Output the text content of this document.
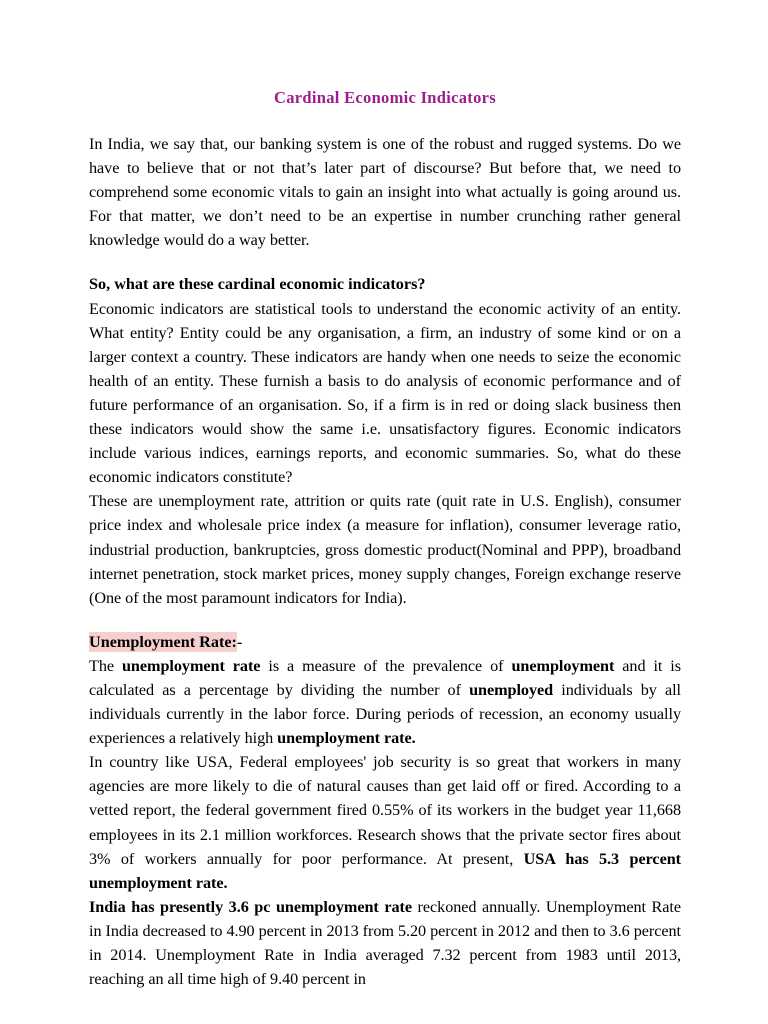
Cardinal Economic Indicators

In India, we say that, our banking system is one of the robust and rugged systems. Do we have to believe that or not that’s later part of discourse? But before that, we need to comprehend some economic vitals to gain an insight into what actually is going around us. For that matter, we don’t need to be an expertise in number crunching rather general knowledge would do a way better.

So, what are these cardinal economic indicators?

Economic indicators are statistical tools to understand the economic activity of an entity. What entity? Entity could be any organisation, a firm, an industry of some kind or on a larger context a country. These indicators are handy when one needs to seize the economic health of an entity. These furnish a basis to do analysis of economic performance and of future performance of an organisation. So, if a firm is in red or doing slack business then these indicators would show the same i.e. unsatisfactory figures. Economic indicators include various indices, earnings reports, and economic summaries. So, what do these economic indicators constitute?

These are unemployment rate, attrition or quits rate (quit rate in U.S. English), consumer price index and wholesale price index (a measure for inflation), consumer leverage ratio, industrial production, bankruptcies, gross domestic product(Nominal and PPP), broadband internet penetration, stock market prices, money supply changes, Foreign exchange reserve (One of the most paramount indicators for India).

Unemployment Rate:-

The unemployment rate is a measure of the prevalence of unemployment and it is calculated as a percentage by dividing the number of unemployed individuals by all individuals currently in the labor force. During periods of recession, an economy usually experiences a relatively high unemployment rate.

In country like USA, Federal employees' job security is so great that workers in many agencies are more likely to die of natural causes than get laid off or fired. According to a vetted report, the federal government fired 0.55% of its workers in the budget year 11,668 employees in its 2.1 million workforces. Research shows that the private sector fires about 3% of workers annually for poor performance. At present, USA has 5.3 percent unemployment rate.

India has presently 3.6 pc unemployment rate reckoned annually. Unemployment Rate in India decreased to 4.90 percent in 2013 from 5.20 percent in 2012 and then to 3.6 percent in 2014. Unemployment Rate in India averaged 7.32 percent from 1983 until 2013, reaching an all time high of 9.40 percent in
